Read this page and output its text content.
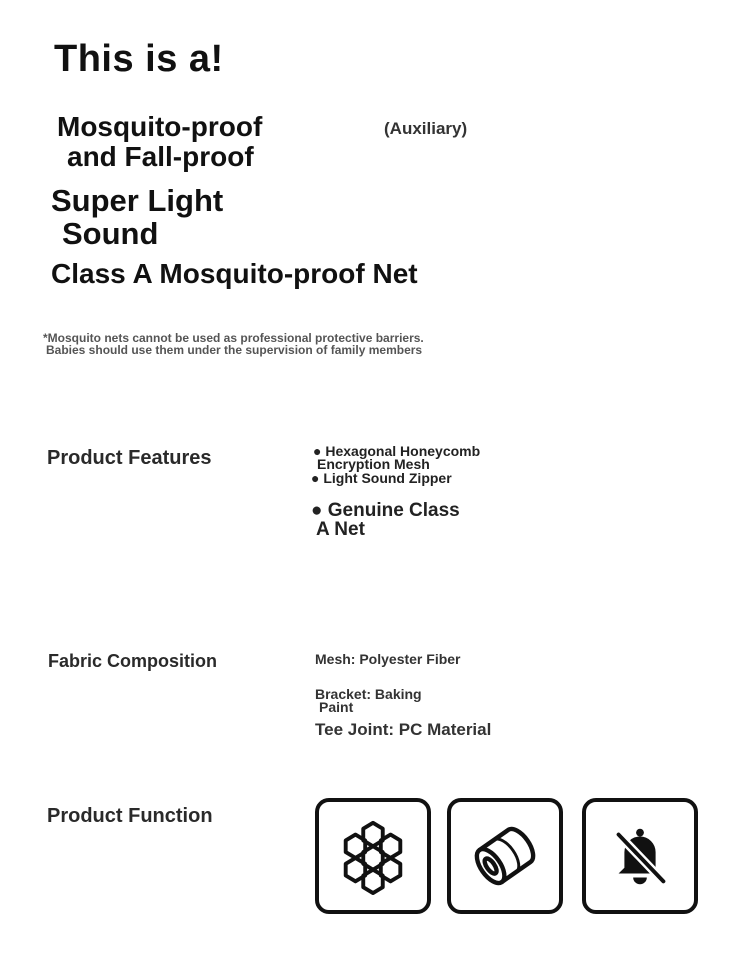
This is a!
Mosquito-proof
and Fall-proof
(Auxiliary)
Super Light
Sound
Class A Mosquito-proof Net
*Mosquito nets cannot be used as professional protective barriers.
Babies should use them under the supervision of family members
Product Features	● Hexagonal Honeycomb
Encryption Mesh
● Light Sound Zipper
● Genuine Class
A Net
Fabric Composition	Mesh: Polyester Fiber
Bracket: Baking
Paint
Tee Joint: PC Material
Product Function
